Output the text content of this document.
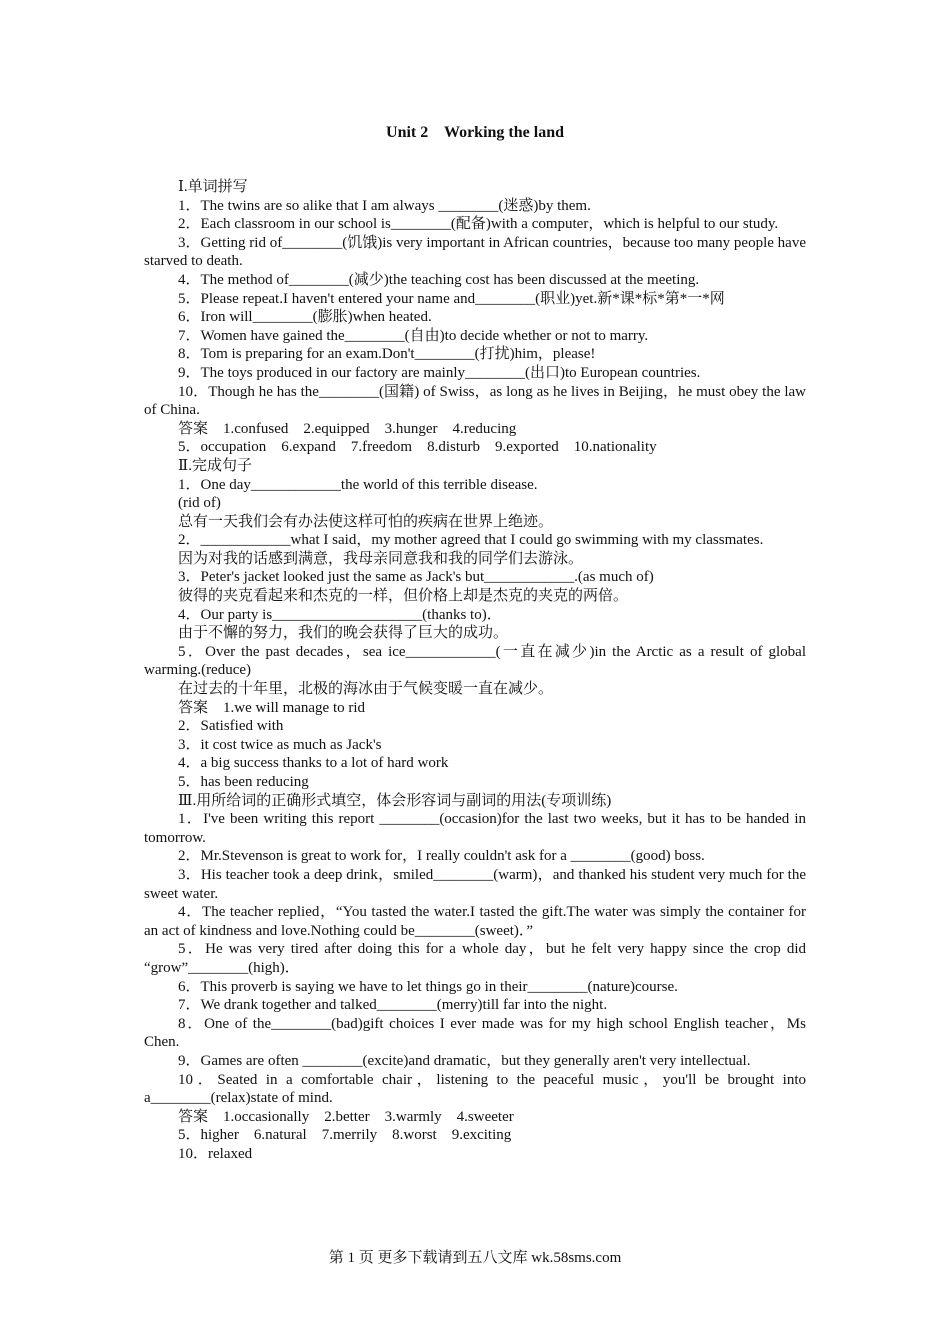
Unit 2    Working the land
Ⅰ.单词拼写
1．The twins are so alike that I am always ________(迷惑)by them.
2．Each classroom in our school is________(配备)with a computer，which is helpful to our study.
3．Getting rid of________(饥饿)is very important in African countries，because too many people have starved to death.
4．The method of________(减少)the teaching cost has been discussed at the meeting.
5．Please repeat.I haven't entered your name and________(职业)yet.新*课*标*第*一*网
6．Iron will________(膨胀)when heated.
7．Women have gained the________(自由)to decide whether or not to marry.
8．Tom is preparing for an exam.Don't________(打扰)him，please!
9．The toys produced in our factory are mainly________(出口)to European countries.
10．Though he has the________(国籍) of Swiss，as long as he lives in Beijing，he must obey the law of China.
答案　1.confused　2.equipped　3.hunger　4.reducing
5．occupation　6.expand　7.freedom　8.disturb　9.exported　10.nationality
Ⅱ.完成句子
1．One day____________the world of this terrible disease.
(rid of)
总有一天我们会有办法使这样可怕的疾病在世界上绝迹。
2．____________what I said，my mother agreed that I could go swimming with my classmates.
因为对我的话感到满意，我母亲同意我和我的同学们去游泳。
3．Peter's jacket looked just the same as Jack's but____________.(as much of)
彼得的夹克看起来和杰克的一样，但价格上却是杰克的夹克的两倍。
4．Our party is____________________(thanks to)．
由于不懈的努力，我们的晚会获得了巨大的成功。
5．Over the past decades，sea ice____________(一直在减少)in the Arctic as a result of global warming.(reduce)
在过去的十年里，北极的海冰由于气候变暖一直在减少。
答案　1.we will manage to rid
2．Satisfied with
3．it cost twice as much as Jack's
4．a big success thanks to a lot of hard work
5．has been reducing
Ⅲ.用所给词的正确形式填空，体会形容词与副词的用法(专项训练)
1．I've been writing this report ________(occasion)for the last two weeks, but it has to be handed in tomorrow.
2．Mr.Stevenson is great to work for，I really couldn't ask for a ________(good) boss.
3．His teacher took a deep drink，smiled________(warm)，and thanked his student very much for the sweet water.
4．The teacher replied，“You tasted the water.I tasted the gift.The water was simply the container for an act of kindness and love.Nothing could be________(sweet)．”
5．He was very tired after doing this for a whole day，but he felt very happy since the crop did “grow”________(high)．
6．This proverb is saying we have to let things go in their________(nature)course.
7．We drank together and talked________(merry)till far into the night.
8．One of the________(bad)gift choices I ever made was for my high school English teacher，Ms Chen.
9．Games are often ________(excite)and dramatic，but they generally aren't very intellectual.
10．Seated in a comfortable chair，listening to the peaceful music，you'll be brought into a________(relax)state of mind.
答案　1.occasionally　2.better　3.warmly　4.sweeter
5．higher　6.natural　7.merrily　8.worst　9.exciting
10．relaxed
第 1 页 更多下载请到五八文库 wk.58sms.com
